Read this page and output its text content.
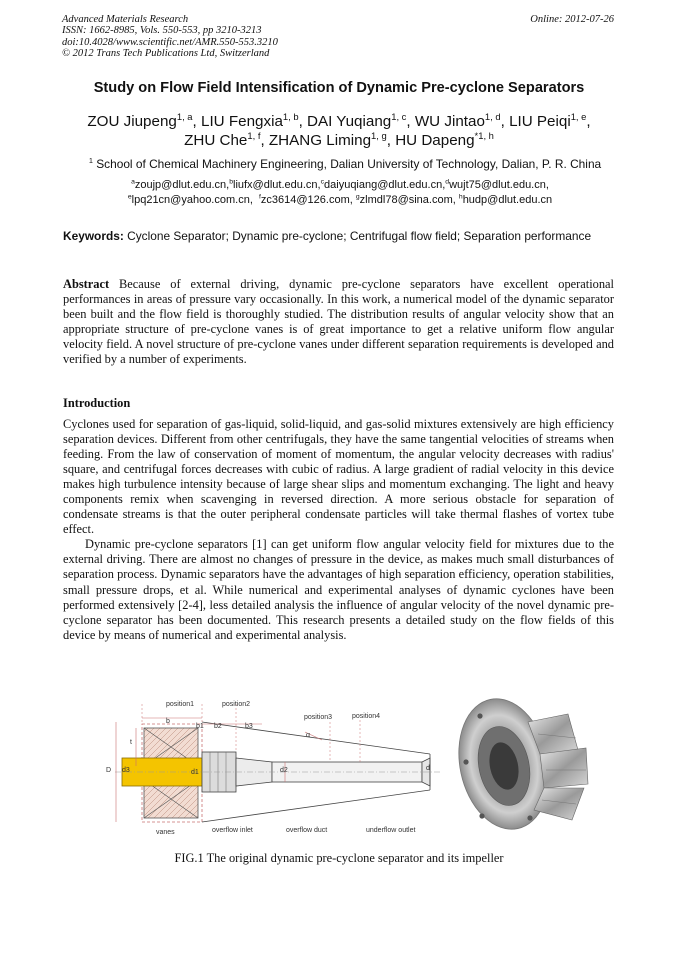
Advanced Materials Research
ISSN: 1662-8985, Vols. 550-553, pp 3210-3213
doi:10.4028/www.scientific.net/AMR.550-553.3210
© 2012 Trans Tech Publications Ltd, Switzerland
Online: 2012-07-26
Study on Flow Field Intensification of Dynamic Pre-cyclone Separators
ZOU Jiupeng$^{1, a}$, LIU Fengxia$^{1, b}$, DAI Yuqiang$^{1, c}$, WU Jintao$^{1, d}$, LIU Peiqi$^{1, e}$,
ZHU Che$^{1, f}$, ZHANG Liming$^{1, g}$, HU Dapeng$^{*1, h}$
$^1$ School of Chemical Machinery Engineering, Dalian University of Technology, Dalian, P. R. China
$^a$zoujp@dlut.edu.cn,$^b$liufx@dlut.edu.cn,$^c$daiyuqiang@dlut.edu.cn,$^d$wujt75@dlut.edu.cn,
$^e$lpq21cn@yahoo.com.cn, $^f$zc3614@126.com, $^g$zlmdl78@sina.com, $^h$hudp@dlut.edu.cn
Keywords: Cyclone Separator; Dynamic pre-cyclone; Centrifugal flow field; Separation performance
Abstract Because of external driving, dynamic pre-cyclone separators have excellent operational performances in areas of pressure vary occasionally. In this work, a numerical model of the dynamic separator been built and the flow field is thoroughly studied. The distribution results of angular velocity show that an appropriate structure of pre-cyclone vanes is of great importance to get a relative uniform flow angular velocity field. A novel structure of pre-cyclone vanes under different separation requirements is developed and verified by a number of experiments.
Introduction

Cyclones used for separation of gas-liquid, solid-liquid, and gas-solid mixtures extensively are high efficiency separation devices. Different from other centrifugals, they have the same tangential velocities of streams when feeding. From the law of conservation of moment of momentum, the angular velocity decreases with radius' square, and centrifugal forces decreases with cubic of radius. A large gradient of radial velocity in this device makes high turbulence intensity because of large shear slips and momentum exchanging. The light and heavy components remix when scavenging in reversed direction. A more serious obstacle for separation of condensate streams is that the outer peripheral condensate particles will take thermal flashes of vortex tube effect.

Dynamic pre-cyclone separators [1] can get uniform flow angular velocity field for mixtures due to the external driving. There are almost no changes of pressure in the device, as makes much small disturbances of separation process. Dynamic separators have the advantages of high separation efficiency, operation stabilities, small pressure drops, et al. While numerical and experimental analyses of dynamic cyclones have been performed extensively [2-4], less detailed analysis the influence of angular velocity of the novel dynamic pre-cyclone separator has been documented. This research presents a detailed study on the flow fields of this device by means of numerical and experimental analysis.

position1	position2
position3	position4
b
b1 b2	b3
t
α
D d3	d1	d2	d
vanes	overflow inlet	overflow duct	underflow outlet
FIG.1 The original dynamic pre-cyclone separator and its impeller
